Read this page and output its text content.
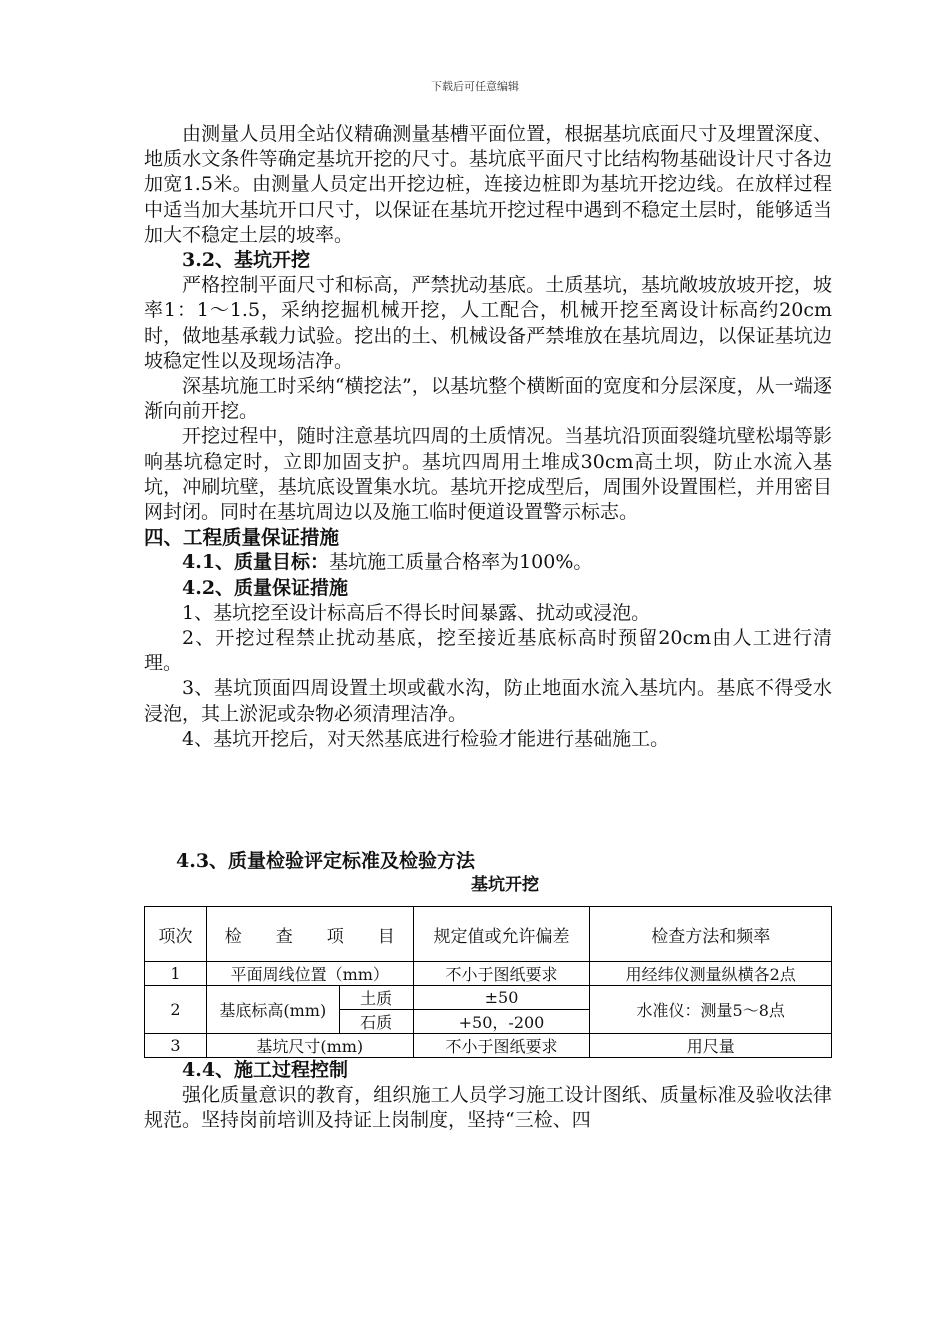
下载后可任意编辑

由测量人员用全站仪精确测量基槽平面位置，根据基坑底面尺寸及埋置深度、地质水文条件等确定基坑开挖的尺寸。基坑底平面尺寸比结构物基础设计尺寸各边加宽1.5米。由测量人员定出开挖边桩，连接边桩即为基坑开挖边线。在放样过程中适当加大基坑开口尺寸，以保证在基坑开挖过程中遇到不稳定土层时，能够适当加大不稳定土层的坡率。

3.2、基坑开挖

严格控制平面尺寸和标高，严禁扰动基底。土质基坑，基坑敞坡放坡开挖，坡率1：1～1.5，采纳挖掘机械开挖，人工配合，机械开挖至离设计标高约20cm时，做地基承载力试验。挖出的土、机械设备严禁堆放在基坑周边，以保证基坑边坡稳定性以及现场洁净。

深基坑施工时采纳“横挖法”，以基坑整个横断面的宽度和分层深度，从一端逐渐向前开挖。

开挖过程中，随时注意基坑四周的土质情况。当基坑沿顶面裂缝坑壁松塌等影响基坑稳定时，立即加固支护。基坑四周用土堆成30cm高土坝，防止水流入基坑，冲刷坑壁，基坑底设置集水坑。基坑开挖成型后，周围外设置围栏，并用密目网封闭。同时在基坑周边以及施工临时便道设置警示标志。

四、工程质量保证措施

4.1、质量目标：基坑施工质量合格率为100%。

4.2、质量保证措施

1、基坑挖至设计标高后不得长时间暴露、扰动或浸泡。

2、开挖过程禁止扰动基底，挖至接近基底标高时预留20cm由人工进行清理。

3、基坑顶面四周设置土坝或截水沟，防止地面水流入基坑内。基底不得受水浸泡，其上淤泥或杂物必须清理洁净。

4、基坑开挖后，对天然基底进行检验才能进行基础施工。

4.3、质量检验评定标准及检验方法
基坑开挖
项次	检　　查　　项　　目		规定值或允许偏差	检查方法和频率
1	平面周线位置（mm）		不小于图纸要求	用经纬仪测量纵横各2点
2	基底标高(mm)	土质	±50	水准仪：测量5～8点
		石质	+50，-200	
3	基坑尺寸(mm)		不小于图纸要求	用尺量
4.4、施工过程控制

强化质量意识的教育，组织施工人员学习施工设计图纸、质量标准及验收法律规范。坚持岗前培训及持证上岗制度，坚持“三检、四
